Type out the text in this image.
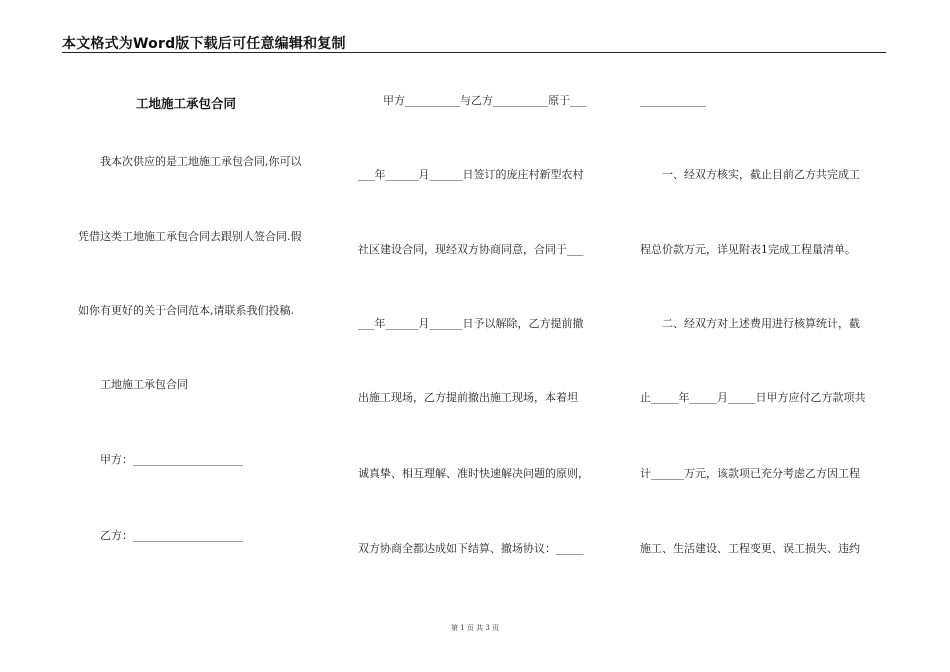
本文格式为Word版下载后可任意编辑和复制
工地施工承包合同
我本次供应的是工地施工承包合同,你可以
凭借这类工地施工承包合同去跟别人签合同.假
如你有更好的关于合同范本,请联系我们投稿.
工地施工承包合同
甲方：____________________
乙方：____________________
甲方__________与乙方__________原于___
___年______月______日签订的庞庄村新型农村
社区建设合同，现经双方协商同意，合同于___
___年______月______日予以解除，乙方提前撤
出施工现场，乙方提前撤出施工现场，本着坦
诚真挚、相互理解、准时快速解决问题的原则，
双方协商全都达成如下结算、撤场协议：_____
____________
一、经双方核实，截止目前乙方共完成工
程总价款万元，详见附表1完成工程量清单。
二、经双方对上述费用进行核算统计，截
止_____年_____月_____日甲方应付乙方款项共
计______万元，该款项已充分考虑乙方因工程
施工、生活建设、工程变更、误工损失、违约
第 1 页 共 3 页
